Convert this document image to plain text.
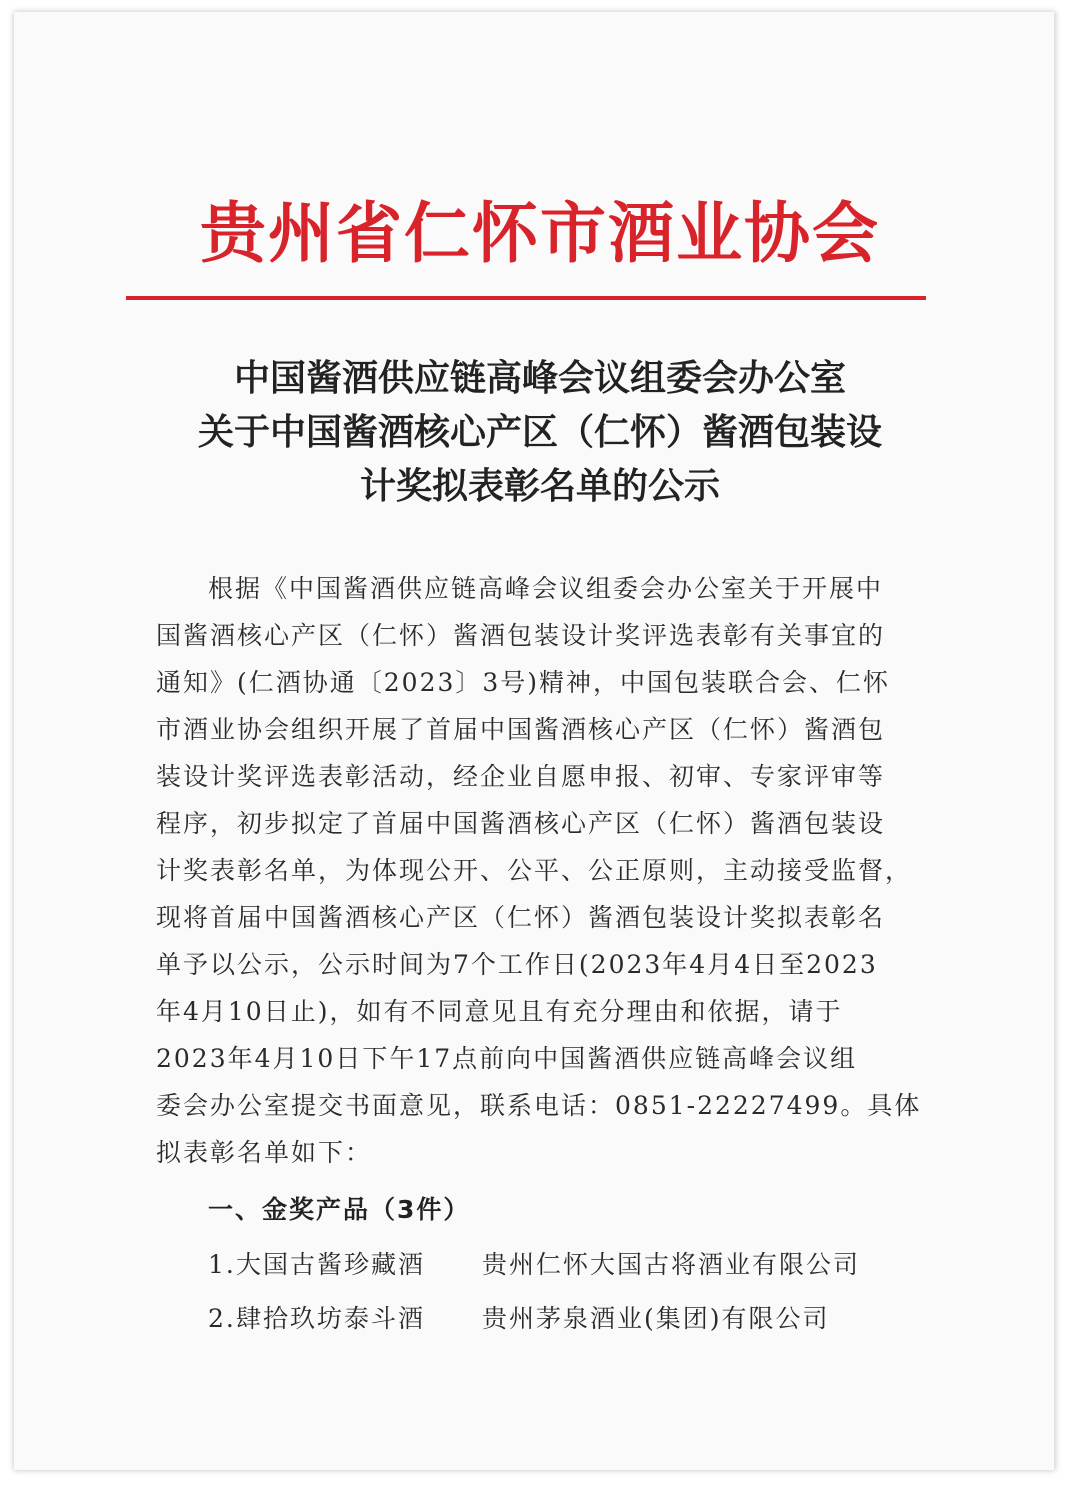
贵州省仁怀市酒业协会
中国酱酒供应链高峰会议组委会办公室
关于中国酱酒核心产区（仁怀）酱酒包装设
计奖拟表彰名单的公示
根据《中国酱酒供应链高峰会议组委会办公室关于开展中
国酱酒核心产区（仁怀）酱酒包装设计奖评选表彰有关事宜的
通知》(仁酒协通〔2023〕3号)精神，中国包装联合会、仁怀
市酒业协会组织开展了首届中国酱酒核心产区（仁怀）酱酒包
装设计奖评选表彰活动，经企业自愿申报、初审、专家评审等
程序，初步拟定了首届中国酱酒核心产区（仁怀）酱酒包装设
计奖表彰名单，为体现公开、公平、公正原则，主动接受监督，
现将首届中国酱酒核心产区（仁怀）酱酒包装设计奖拟表彰名
单予以公示，公示时间为7个工作日(2023年4月4日至2023
年4月10日止)，如有不同意见且有充分理由和依据，请于
2023年4月10日下午17点前向中国酱酒供应链高峰会议组
委会办公室提交书面意见，联系电话：0851-22227499。具体
拟表彰名单如下：
一、金奖产品（3件）
1. 大国古酱珍藏酒	贵州仁怀大国古将酒业有限公司
2. 肆拾玖坊泰斗酒	贵州茅泉酒业(集团)有限公司
